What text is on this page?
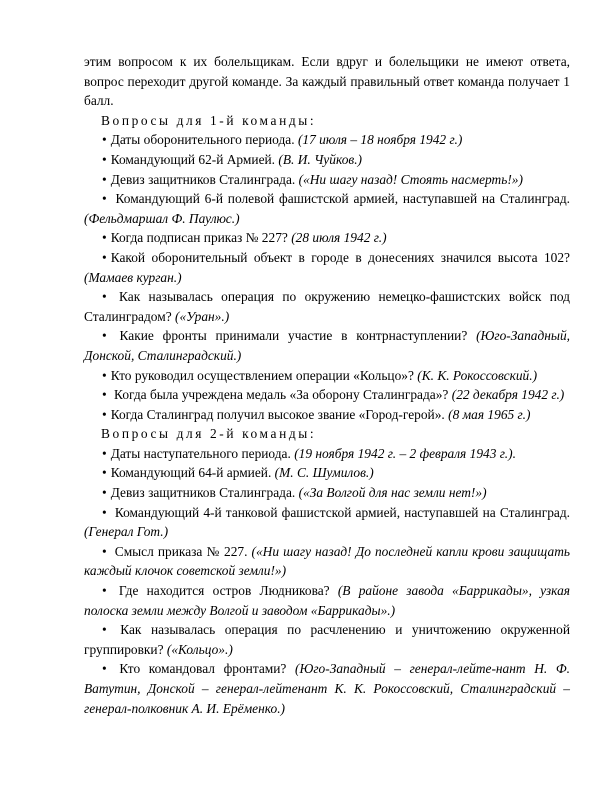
этим вопросом к их болельщикам. Если вдруг и болельщики не имеют ответа, вопрос переходит другой команде. За каждый правильный ответ команда получает 1 балл.

Вопросы для 1-й команды:

• Даты оборонительного периода. (17 июля – 18 ноября 1942 г.)

• Командующий 62-й Армией. (В. И. Чуйков.)

• Девиз защитников Сталинграда. («Ни шагу назад! Стоять насмерть!»)

• Командующий 6-й полевой фашистской армией, наступавшей на Сталинград. (Фельдмаршал Ф. Паулюс.)

• Когда подписан приказ № 227? (28 июля 1942 г.)

• Какой оборонительный объект в городе в донесениях значился высота 102? (Мамаев курган.)

• Как называлась операция по окружению немецко-фашистских войск под Сталинградом? («Уран».)

• Какие фронты принимали участие в контрнаступлении? (Юго-Западный, Донской, Сталинградский.)

• Кто руководил осуществлением операции «Кольцо»? (К. К. Рокоссовский.)

• Когда была учреждена медаль «За оборону Сталинграда»? (22 декабря 1942 г.)

• Когда Сталинград получил высокое звание «Город-герой». (8 мая 1965 г.)

Вопросы для 2-й команды:

• Даты наступательного периода. (19 ноября 1942 г. – 2 февраля 1943 г.).

• Командующий 64-й армией. (М. С. Шумилов.)

• Девиз защитников Сталинграда. («За Волгой для нас земли нет!»)

• Командующий 4-й танковой фашистской армией, наступавшей на Сталинград. (Генерал Гот.)

• Смысл приказа № 227. («Ни шагу назад! До последней капли крови защищать каждый клочок советской земли!»)

• Где находится остров Людникова? (В районе завода «Баррикады», узкая полоска земли между Волгой и заводом «Баррикады».)

• Как называлась операция по расчленению и уничтожению окруженной группировки? («Кольцо».)

• Кто командовал фронтами? (Юго-Западный – генерал-лейте-нант Н. Ф. Ватутин, Донской – генерал-лейтенант К. К. Рокоссовский, Сталинградский – генерал-полковник А. И. Ерёменко.)
